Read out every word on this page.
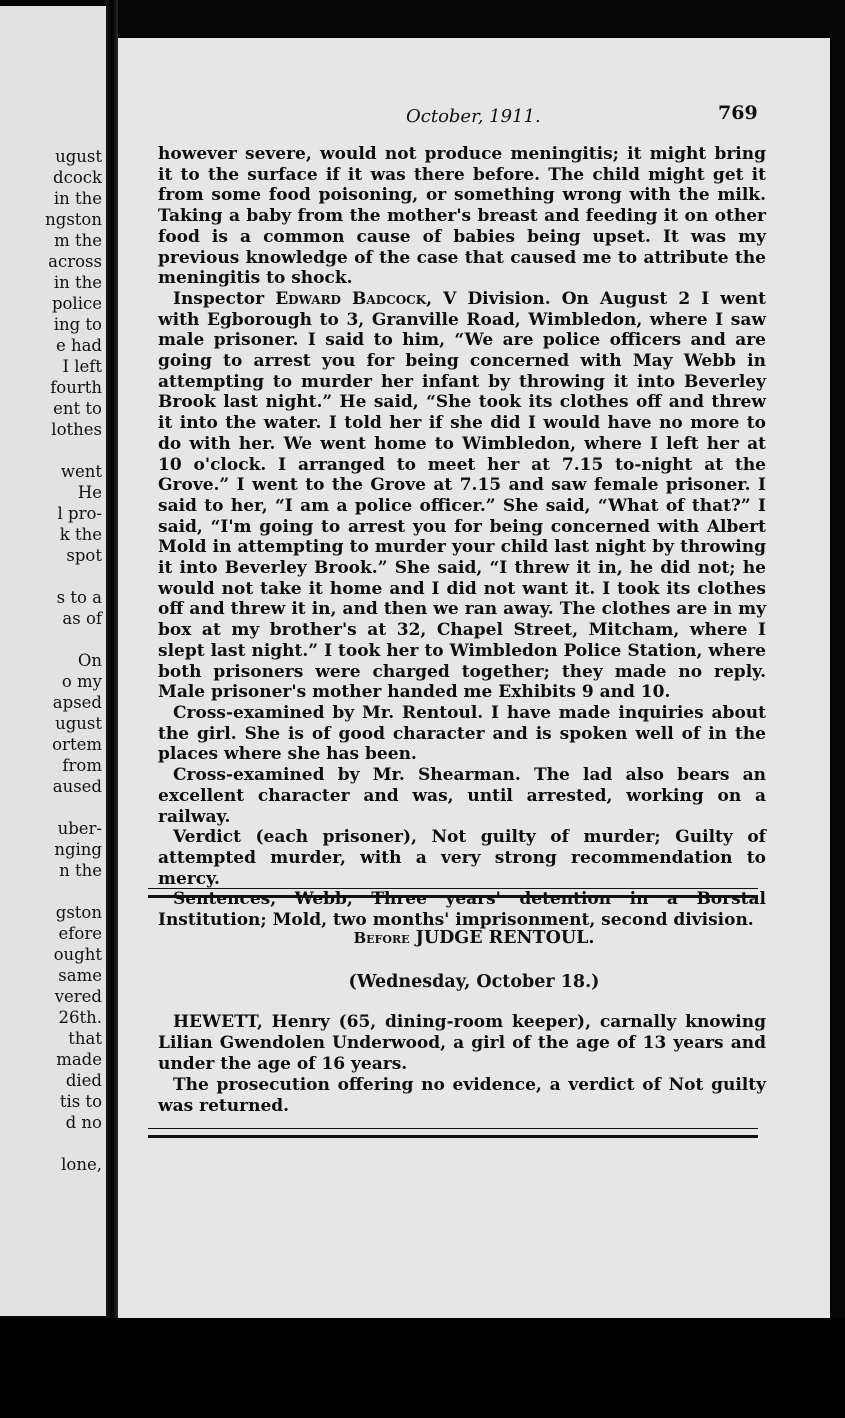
ugust
dcock
in the
ngston
m the
across
in the
police
ing to
e had
I left
fourth
ent to
lothes
went
He
l pro-
k the
spot
s to a
as of
On
o my
apsed
ugust
ortem
from
aused
uber-
nging
n the
gston
efore
ought
same
vered
26th.
that
made
died
tis to
d no
lone,
October, 1911.	769

however severe, would not produce meningitis; it might bring it to the surface if it was there before. The child might get it from some food poisoning, or something wrong with the milk. Taking a baby from the mother's breast and feeding it on other food is a common cause of babies being upset. It was my previous knowledge of the case that caused me to attribute the meningitis to shock.

Inspector Edward Badcock, V Division. On August 2 I went with Egborough to 3, Granville Road, Wimbledon, where I saw male prisoner. I said to him, “We are police officers and are going to arrest you for being concerned with May Webb in attempting to murder her infant by throwing it into Beverley Brook last night.” He said, “She took its clothes off and threw it into the water. I told her if she did I would have no more to do with her. We went home to Wimbledon, where I left her at 10 o'clock. I arranged to meet her at 7.15 to-night at the Grove.” I went to the Grove at 7.15 and saw female prisoner. I said to her, “I am a police officer.” She said, “What of that?” I said, “I'm going to arrest you for being concerned with Albert Mold in attempting to murder your child last night by throwing it into Beverley Brook.” She said, “I threw it in, he did not; he would not take it home and I did not want it. I took its clothes off and threw it in, and then we ran away. The clothes are in my box at my brother's at 32, Chapel Street, Mitcham, where I slept last night.” I took her to Wimbledon Police Station, where both prisoners were charged together; they made no reply. Male prisoner's mother handed me Exhibits 9 and 10.

Cross-examined by Mr. Rentoul. I have made inquiries about the girl. She is of good character and is spoken well of in the places where she has been.

Cross-examined by Mr. Shearman. The lad also bears an excellent character and was, until arrested, working on a railway.

Verdict (each prisoner), Not guilty of murder; Guilty of attempted murder, with a very strong recommendation to mercy.

Sentences, Webb, Three years' detention in a Borstal Institution; Mold, two months' imprisonment, second division.

Before JUDGE RENTOUL.
(Wednesday, October 18.)

HEWETT, Henry (65, dining-room keeper), carnally knowing Lilian Gwendolen Underwood, a girl of the age of 13 years and under the age of 16 years.

The prosecution offering no evidence, a verdict of Not guilty was returned.
